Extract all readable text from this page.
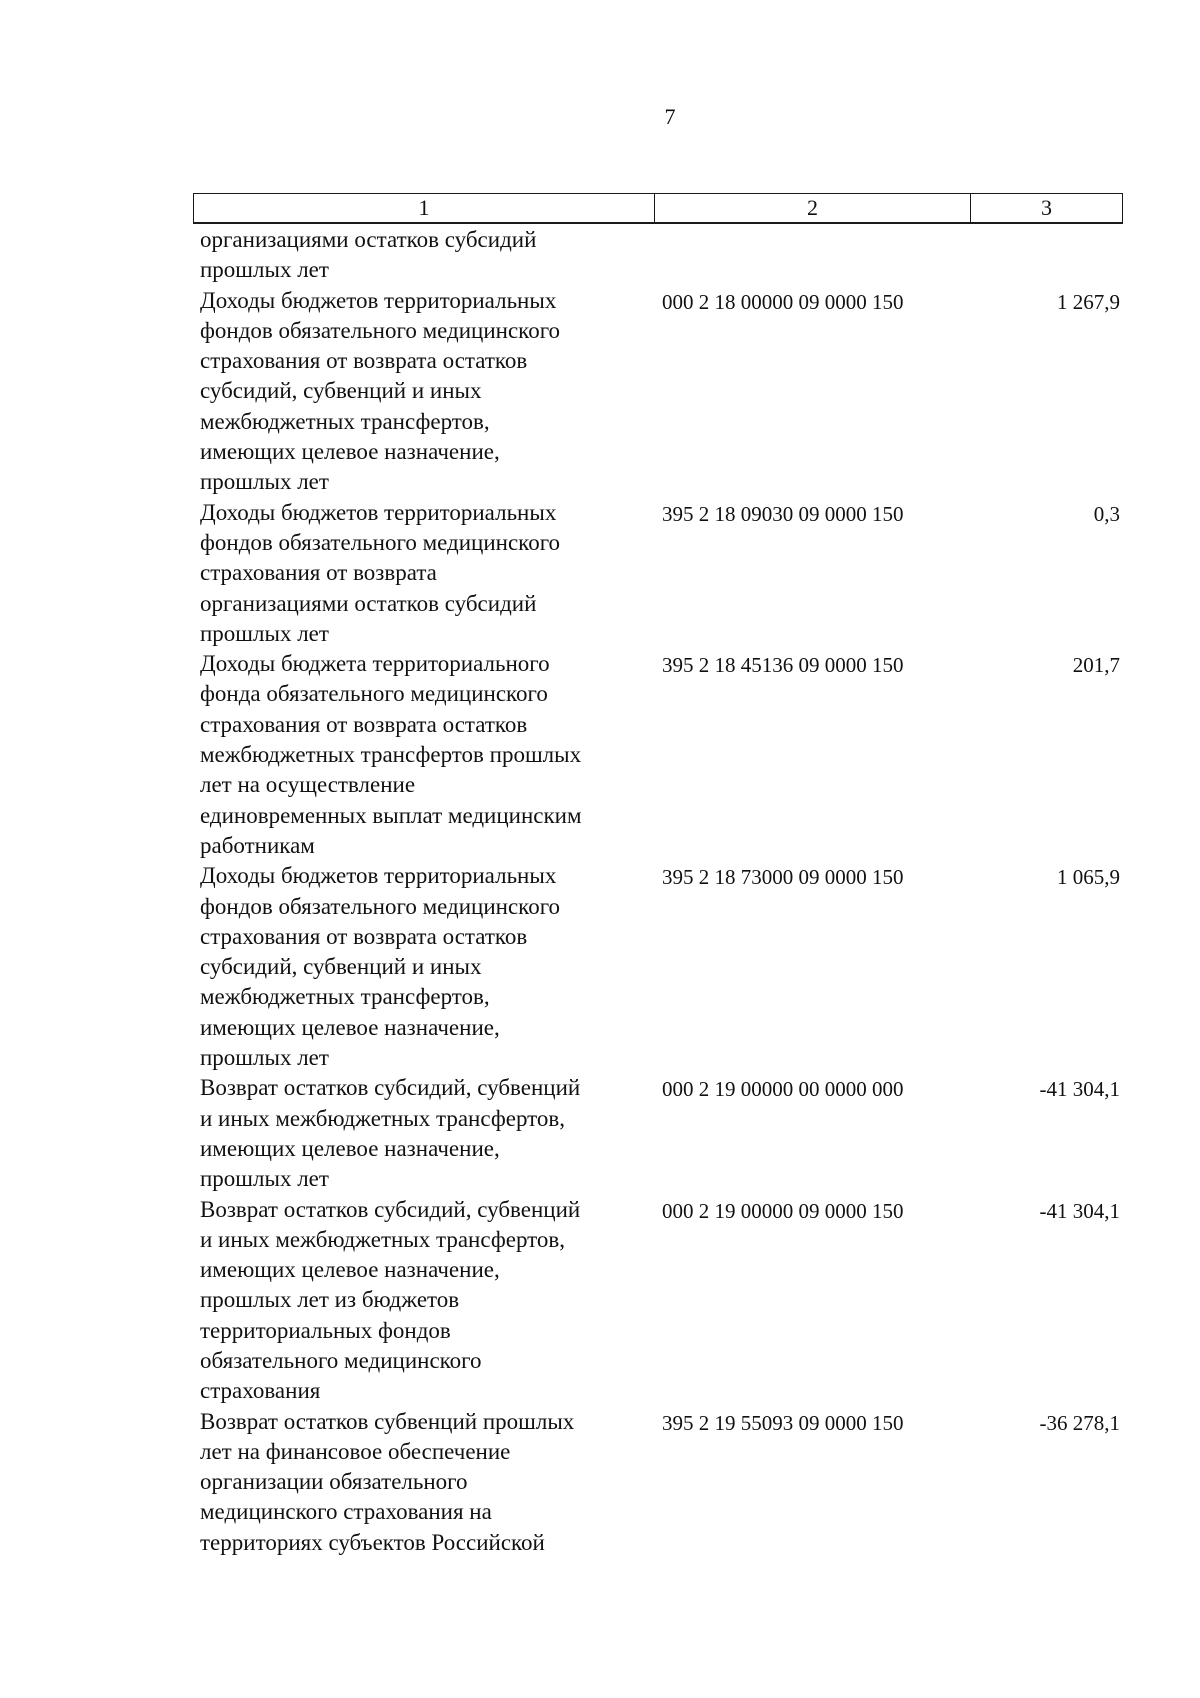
7
1	2	3
организациями остатков субсидий
прошлых лет
Доходы бюджетов территориальных
фондов обязательного медицинского
страхования от возврата остатков
субсидий, субвенций и иных
межбюджетных трансфертов,
имеющих целевое назначение,
прошлых лет
000 2 18 00000 09 0000 150	1 267,9
Доходы бюджетов территориальных
фондов обязательного медицинского
страхования от возврата
организациями остатков субсидий
прошлых лет
395 2 18 09030 09 0000 150	0,3
Доходы бюджета территориального
фонда обязательного медицинского
страхования от возврата остатков
межбюджетных трансфертов прошлых
лет на осуществление
единовременных выплат медицинским
работникам
395 2 18 45136 09 0000 150	201,7
Доходы бюджетов территориальных
фондов обязательного медицинского
страхования от возврата остатков
субсидий, субвенций и иных
межбюджетных трансфертов,
имеющих целевое назначение,
прошлых лет
395 2 18 73000 09 0000 150	1 065,9
Возврат остатков субсидий, субвенций
и иных межбюджетных трансфертов,
имеющих целевое назначение,
прошлых лет
000 2 19 00000 00 0000 000	-41 304,1
Возврат остатков субсидий, субвенций
и иных межбюджетных трансфертов,
имеющих целевое назначение,
прошлых лет из бюджетов
территориальных фондов
обязательного медицинского
страхования
000 2 19 00000 09 0000 150	-41 304,1
Возврат остатков субвенций прошлых
лет на финансовое обеспечение
организации обязательного
медицинского страхования на
территориях субъектов Российской
395 2 19 55093 09 0000 150	-36 278,1
